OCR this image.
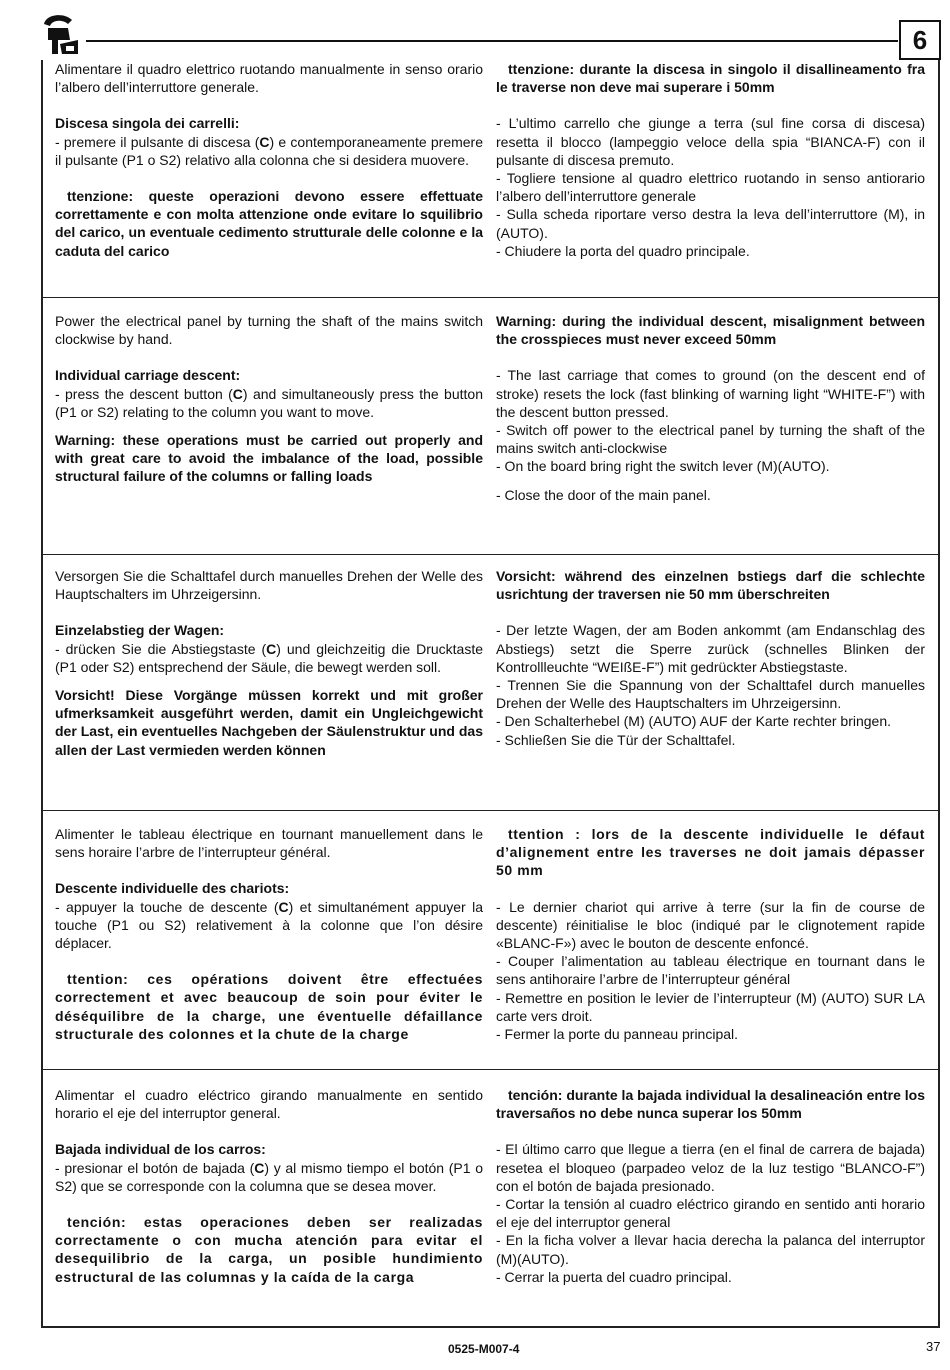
6

Alimentare il quadro elettrico ruotando manualmente in senso orario l’albero dell’interruttore generale.

Discesa singola dei carrelli:

- premere il pulsante di discesa (C) e contemporaneamente premere il pulsante (P1 o S2) relativo alla colonna che si desidera muovere.

ttenzione: queste operazioni devono essere effettuate correttamente e con molta attenzione onde evitare lo squilibrio del carico, un eventuale cedimento strutturale delle colonne e la caduta del carico

ttenzione: durante la discesa in singolo il disallineamento fra le traverse non deve mai superare i 50mm

- L’ultimo carrello che giunge a terra (sul fine corsa di discesa) resetta il blocco (lampeggio veloce della spia “BIANCA-F) con il pulsante di discesa premuto.

- Togliere tensione al quadro elettrico ruotando in senso antiorario l’albero dell’interruttore generale

- Sulla scheda riportare verso destra la leva dell’interruttore (M), in (AUTO).

- Chiudere la porta del quadro principale.

Power the electrical panel by turning the shaft of the mains switch clockwise by hand.

Individual carriage descent:

- press the descent button (C) and simultaneously press the button (P1 or S2) relating to the column you want to move.

Warning: these operations must be carried out properly and with great care to avoid the imbalance of the load, possible structural failure of the columns or falling loads

Warning: during the individual descent, misalignment between the crosspieces must never exceed 50mm

- The last carriage that comes to ground (on the descent end of stroke) resets the lock (fast blinking of warning light “WHITE-F”) with the descent button pressed.

- Switch off power to the electrical panel by turning the shaft of the mains switch anti-clockwise

- On the board bring right the switch lever (M)(AUTO).

- Close the door of the main panel.

Versorgen Sie die Schalttafel durch manuelles Drehen der Welle des Hauptschalters im Uhrzeigersinn.

Einzelabstieg der Wagen:

- drücken Sie die Abstiegstaste (C) und gleichzeitig die Drucktaste (P1 oder S2) entsprechend der Säule, die bewegt werden soll.

Vorsicht! Diese Vorgänge müssen korrekt und mit großer ufmerksamkeit ausgeführt werden, damit ein Ungleichgewicht der Last, ein eventuelles Nachgeben der Säulenstruktur und das allen der Last vermieden werden können

Vorsicht: während des einzelnen bstiegs darf die schlechte usrichtung der traversen nie 50 mm überschreiten

- Der letzte Wagen, der am Boden ankommt (am Endanschlag des Abstiegs) setzt die Sperre zurück (schnelles Blinken der Kontrollleuchte “WEIßE-F”) mit gedrückter Abstiegstaste.

- Trennen Sie die Spannung von der Schalttafel durch manuelles Drehen der Welle des Hauptschalters im Uhrzeigersinn.

- Den Schalterhebel (M) (AUTO) AUF der Karte rechter bringen.

- Schließen Sie die Tür der Schalttafel.

Alimenter le tableau électrique en tournant manuellement dans le sens horaire l’arbre de l’interrupteur général.

Descente individuelle des chariots:

- appuyer la touche de descente (C) et simultanément appuyer la touche (P1 ou S2) relativement à la colonne que l’on désire déplacer.

ttention: ces opérations doivent être effectuées correctement et avec beaucoup de soin pour éviter le déséquilibre de la charge, une éventuelle défaillance structurale des colonnes et la chute de la charge

ttention : lors de la descente individuelle le défaut d’alignement entre les traverses ne doit jamais dépasser 50 mm

- Le dernier chariot qui arrive à terre (sur la fin de course de descente) réinitialise le bloc (indiqué par le clignotement rapide «BLANC-F») avec le bouton de descente enfoncé.

- Couper l’alimentation au tableau électrique en tournant dans le sens antihoraire l’arbre de l’interrupteur général

- Remettre en position le levier de l’interrupteur (M) (AUTO) SUR LA carte vers droit.

- Fermer la porte du panneau principal.

Alimentar el cuadro eléctrico girando manualmente en sentido horario el eje del interruptor general.

Bajada individual de los carros:

- presionar el botón de bajada (C) y al mismo tiempo el botón (P1 o S2) que se corresponde con la columna que se desea mover.

tención: estas operaciones deben ser realizadas correctamente o con mucha atención para evitar el desequilibrio de la carga, un posible hundimiento estructural de las columnas y la caída de la carga

tención: durante la bajada individual la desalineación entre los traversaños no debe nunca superar los 50mm

- El último carro que llegue a tierra (en el final de carrera de bajada) resetea el bloqueo (parpadeo veloz de la luz testigo “BLANCO-F”) con el botón de bajada presionado.

- Cortar la tensión al cuadro eléctrico girando en sentido anti horario el eje del interruptor general

- En la ficha volver a llevar hacia derecha la palanca del interruptor (M)(AUTO).

- Cerrar la puerta del cuadro principal.

0525-M007-4	37
